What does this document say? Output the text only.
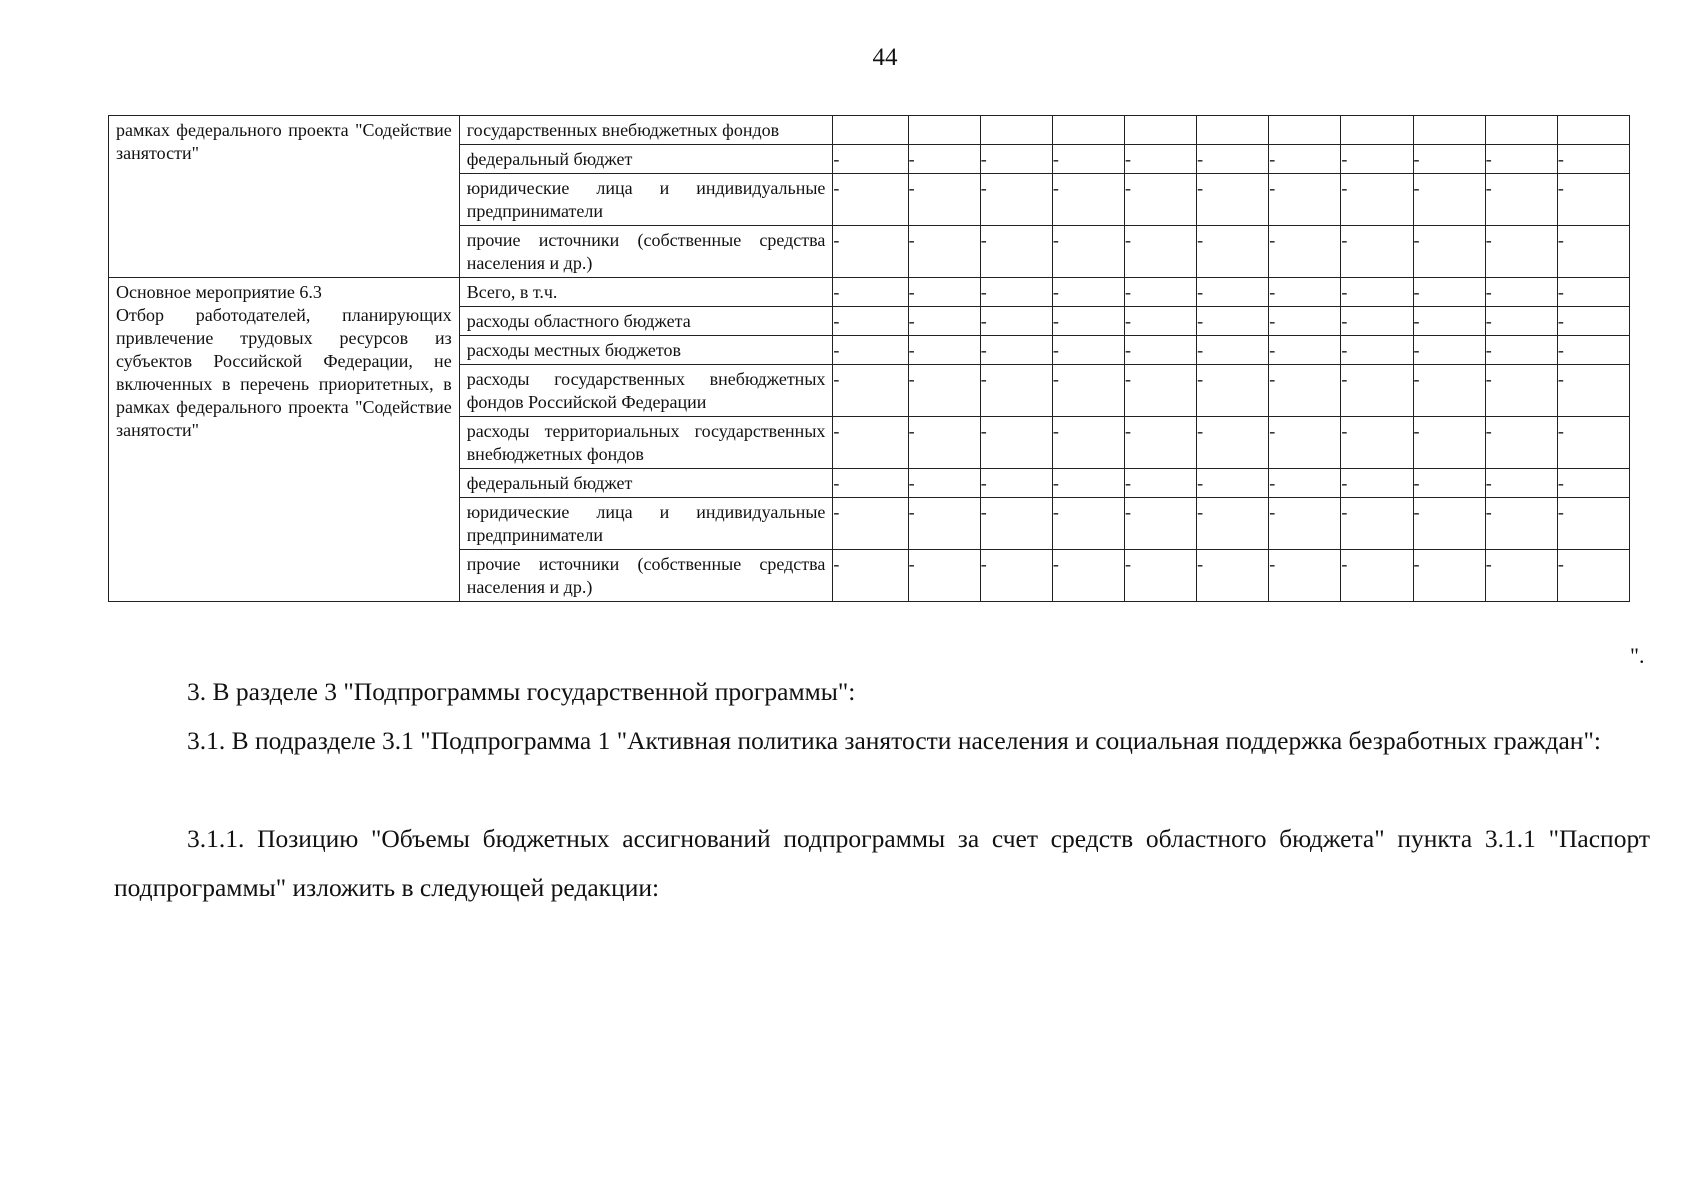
44
рамках федерального проекта "Содействие занятости"	государственных внебюджетных фондов											
	федеральный бюджет	-	-	-	-	-	-	-	-	-	-	-
	юридические лица и индивидуальные предприниматели	-	-	-	-	-	-	-	-	-	-	-
	прочие источники (собственные средства населения и др.)	-	-	-	-	-	-	-	-	-	-	-

Основное мероприятие 6.3
Отбор работодателей, планирующих привлечение трудовых ресурсов из субъектов Российской Федерации, не включенных в перечень приоритетных, в рамках федерального проекта "Содействие занятости"	Всего, в т.ч.	-	-	-	-	-	-	-	-	-	-	-
	расходы областного бюджета	-	-	-	-	-	-	-	-	-	-	-
	расходы местных бюджетов	-	-	-	-	-	-	-	-	-	-	-
	расходы государственных внебюджетных фондов Российской Федерации	-	-	-	-	-	-	-	-	-	-	-
	расходы территориальных государственных внебюджетных фондов	-	-	-	-	-	-	-	-	-	-	-
	федеральный бюджет	-	-	-	-	-	-	-	-	-	-	-
	юридические лица и индивидуальные предприниматели	-	-	-	-	-	-	-	-	-	-	-
	прочие источники (собственные средства населения и др.)	-	-	-	-	-	-	-	-	-	-	-
".

3. В разделе 3 "Подпрограммы государственной программы":

3.1. В подразделе 3.1 "Подпрограмма 1 "Активная политика занятости населения и социальная поддержка безработных граждан":

3.1.1. Позицию "Объемы бюджетных ассигнований подпрограммы за счет средств областного бюджета" пункта 3.1.1 "Паспорт подпрограммы" изложить в следующей редакции:
